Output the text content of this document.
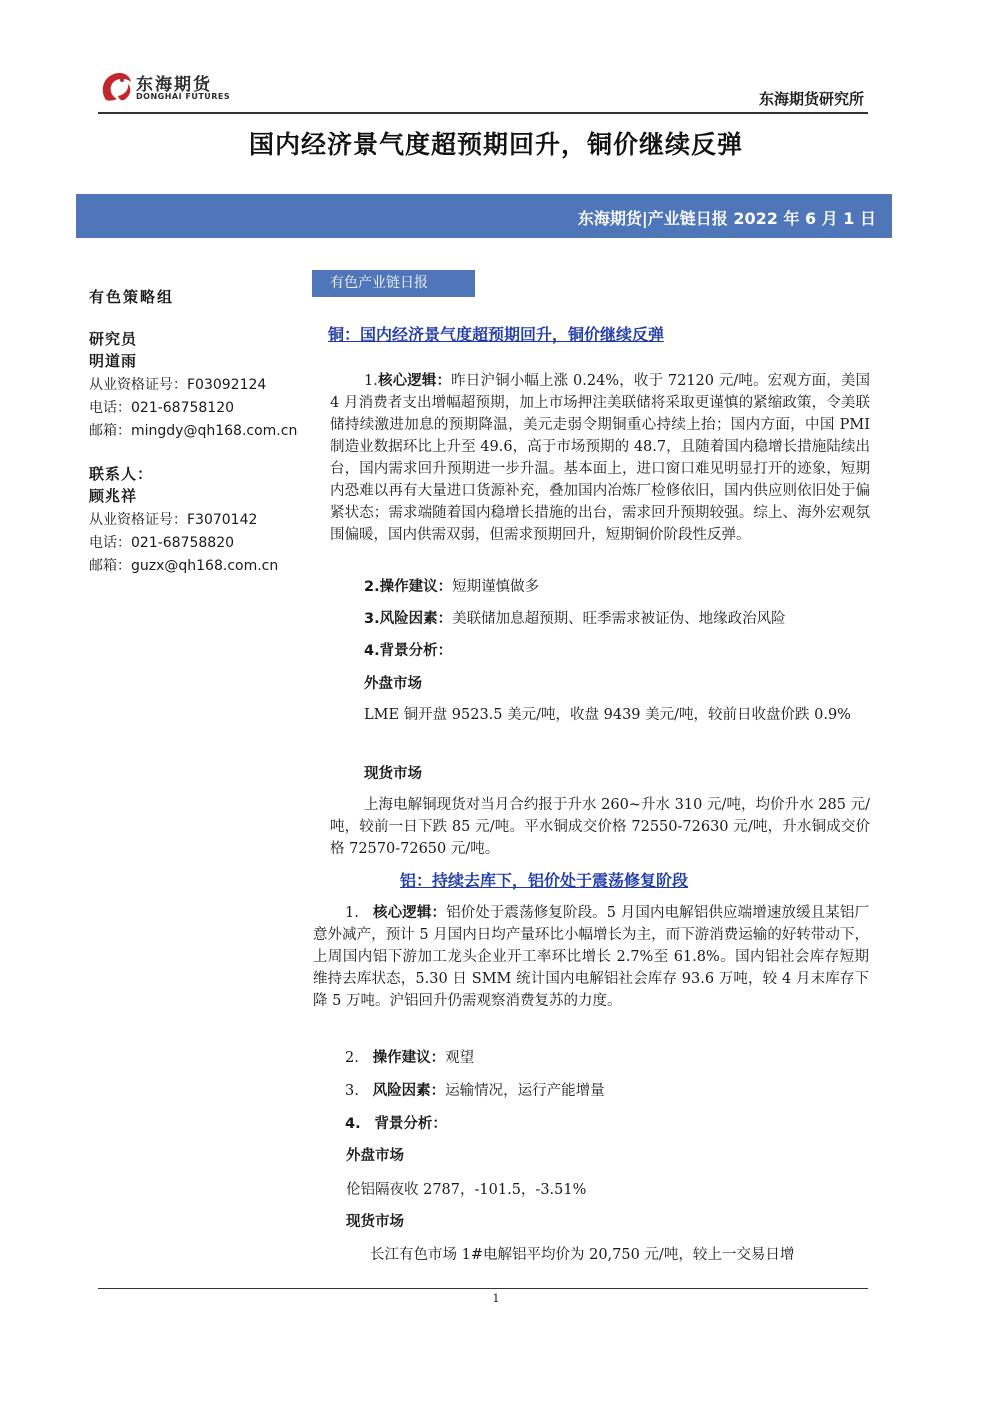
东海期货
DONGHAI FUTURES	东海期货研究所
国内经济景气度超预期回升，铜价继续反弹
东海期货|产业链日报 2022 年 6 月 1 日
有色策略组
研究员
明道雨
从业资格证号：F03092124
电话：021-68758120
邮箱：mingdy@qh168.com.cn
联系人：
顾兆祥
从业资格证号：F3070142
电话：021-68758820
邮箱：guzx@qh168.com.cn
有色产业链日报
铜：国内经济景气度超预期回升，铜价继续反弹
1.核心逻辑：昨日沪铜小幅上涨 0.24%，收于 72120 元/吨。宏观方面，美国 4 月消费者支出增幅超预期，加上市场押注美联储将采取更谨慎的紧缩政策，令美联储持续激进加息的预期降温，美元走弱令期铜重心持续上抬；国内方面，中国 PMI 制造业数据环比上升至 49.6，高于市场预期的 48.7，且随着国内稳增长措施陆续出台，国内需求回升预期进一步升温。基本面上，进口窗口难见明显打开的迹象，短期内恐难以再有大量进口货源补充，叠加国内冶炼厂检修依旧，国内供应则依旧处于偏紧状态；需求端随着国内稳增长措施的出台，需求回升预期较强。综上、海外宏观氛围偏暖，国内供需双弱，但需求预期回升，短期铜价阶段性反弹。
2.操作建议：短期谨慎做多
3.风险因素：美联储加息超预期、旺季需求被证伪、地缘政治风险
4.背景分析：
外盘市场
LME 铜开盘 9523.5 美元/吨，收盘 9439 美元/吨，较前日收盘价跌 0.9%
现货市场
上海电解铜现货对当月合约报于升水 260~升水 310 元/吨，均价升水 285 元/吨，较前一日下跌 85 元/吨。平水铜成交价格 72550-72630 元/吨，升水铜成交价格 72570-72650 元/吨。
铝：持续去库下，铝价处于震荡修复阶段
1. 核心逻辑：铝价处于震荡修复阶段。5 月国内电解铝供应端增速放缓且某铝厂意外减产，预计 5 月国内日均产量环比小幅增长为主，而下游消费运输的好转带动下，上周国内铝下游加工龙头企业开工率环比增长 2.7%至 61.8%。国内铝社会库存短期维持去库状态，5.30 日 SMM 统计国内电解铝社会库存 93.6 万吨，较 4 月末库存下降 5 万吨。沪铝回升仍需观察消费复苏的力度。
2. 操作建议：观望
3. 风险因素：运输情况，运行产能增量
4. 背景分析：
外盘市场
伦铝隔夜收 2787，-101.5，-3.51%
现货市场
长江有色市场 1#电解铝平均价为 20,750 元/吨，较上一交易日增
1
